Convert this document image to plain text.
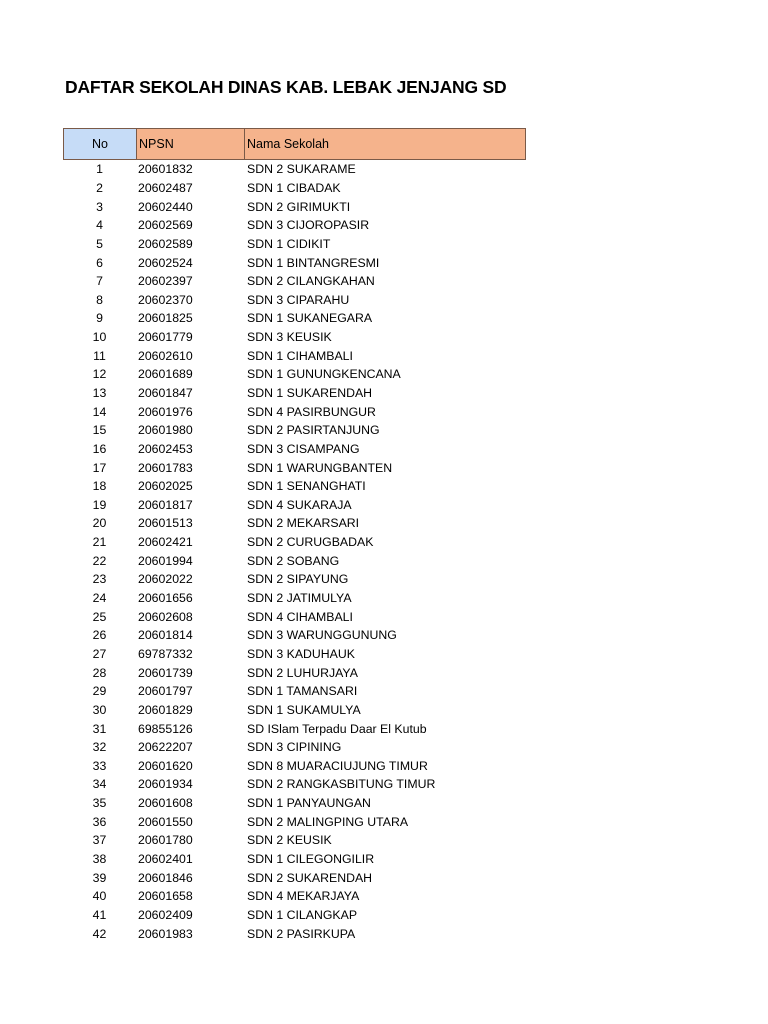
DAFTAR SEKOLAH DINAS KAB. LEBAK JENJANG SD
No	NPSN	Nama Sekolah
1	20601832	SDN 2 SUKARAME
2	20602487	SDN 1 CIBADAK
3	20602440	SDN 2 GIRIMUKTI
4	20602569	SDN 3 CIJOROPASIR
5	20602589	SDN 1 CIDIKIT
6	20602524	SDN 1 BINTANGRESMI
7	20602397	SDN 2 CILANGKAHAN
8	20602370	SDN 3 CIPARAHU
9	20601825	SDN 1 SUKANEGARA
10	20601779	SDN 3 KEUSIK
11	20602610	SDN 1 CIHAMBALI
12	20601689	SDN 1 GUNUNGKENCANA
13	20601847	SDN 1 SUKARENDAH
14	20601976	SDN 4 PASIRBUNGUR
15	20601980	SDN 2 PASIRTANJUNG
16	20602453	SDN 3 CISAMPANG
17	20601783	SDN 1 WARUNGBANTEN
18	20602025	SDN 1 SENANGHATI
19	20601817	SDN 4 SUKARAJA
20	20601513	SDN 2 MEKARSARI
21	20602421	SDN 2 CURUGBADAK
22	20601994	SDN 2 SOBANG
23	20602022	SDN 2 SIPAYUNG
24	20601656	SDN 2 JATIMULYA
25	20602608	SDN 4 CIHAMBALI
26	20601814	SDN 3 WARUNGGUNUNG
27	69787332	SDN 3 KADUHAUK
28	20601739	SDN 2 LUHURJAYA
29	20601797	SDN 1 TAMANSARI
30	20601829	SDN 1 SUKAMULYA
31	69855126	SD ISlam Terpadu Daar El Kutub
32	20622207	SDN 3 CIPINING
33	20601620	SDN 8 MUARACIUJUNG TIMUR
34	20601934	SDN 2 RANGKASBITUNG TIMUR
35	20601608	SDN 1 PANYAUNGAN
36	20601550	SDN 2 MALINGPING UTARA
37	20601780	SDN 2 KEUSIK
38	20602401	SDN 1 CILEGONGILIR
39	20601846	SDN 2 SUKARENDAH
40	20601658	SDN 4 MEKARJAYA
41	20602409	SDN 1 CILANGKAP
42	20601983	SDN 2 PASIRKUPA
